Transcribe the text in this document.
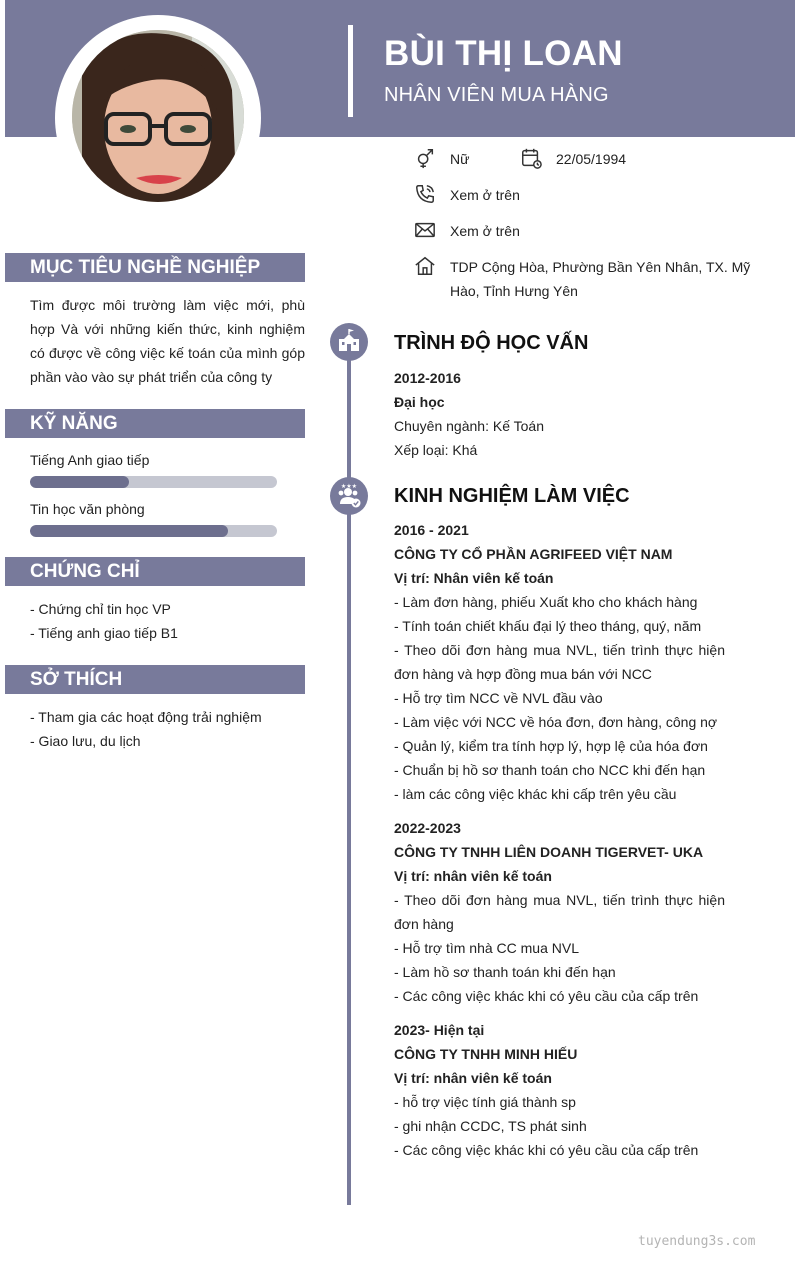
BÙI THỊ LOAN
NHÂN VIÊN MUA HÀNG
Nữ	22/05/1994
Xem ở trên
Xem ở trên
TDP Cộng Hòa, Phường Bần Yên Nhân, TX. Mỹ
Hào, Tỉnh Hưng Yên
MỤC TIÊU NGHỀ NGHIỆP
Tìm được môi trường làm việc mới, phù hợp Và với những kiến thức, kinh nghiệm có được về công việc kế toán của mình góp phần vào vào sự phát triển của công ty
KỸ NĂNG
Tiếng Anh giao tiếp
Tin học văn phòng
CHỨNG CHỈ
- Chứng chỉ tin học VP
- Tiếng anh giao tiếp B1
SỞ THÍCH
- Tham gia các hoạt động trải nghiệm
- Giao lưu, du lịch
TRÌNH ĐỘ HỌC VẤN
2012-2016
Đại học
Chuyên ngành: Kế Toán
Xếp loại: Khá
★★★ KINH NGHIỆM LÀM VIỆC
2016 - 2021
CÔNG TY CỔ PHẦN AGRIFEED VIỆT NAM
Vị trí: Nhân viên kế toán
- Làm đơn hàng, phiếu Xuất kho cho khách hàng
- Tính toán chiết khấu đại lý theo tháng, quý, năm
- Theo dõi đơn hàng mua NVL, tiến trình thực hiện đơn hàng và hợp đồng mua bán với NCC
- Hỗ trợ tìm NCC về NVL đầu vào
- Làm việc với NCC về hóa đơn, đơn hàng, công nợ
- Quản lý, kiểm tra tính hợp lý, hợp lệ của hóa đơn
- Chuẩn bị hồ sơ thanh toán cho NCC khi đến hạn
- làm các công việc khác khi cấp trên yêu cầu
2022-2023
CÔNG TY TNHH LIÊN DOANH TIGERVET- UKA
Vị trí: nhân viên kế toán
- Theo dõi đơn hàng mua NVL, tiến trình thực hiện đơn hàng
- Hỗ trợ tìm nhà CC mua NVL
- Làm hồ sơ thanh toán khi đến hạn
- Các công việc khác khi có yêu cầu của cấp trên
2023- Hiện tại
CÔNG TY TNHH MINH HIẾU
Vị trí: nhân viên kế toán
- hỗ trợ việc tính giá thành sp
- ghi nhận CCDC, TS phát sinh
- Các công việc khác khi có yêu cầu của cấp trên
tuyendung3s.com
